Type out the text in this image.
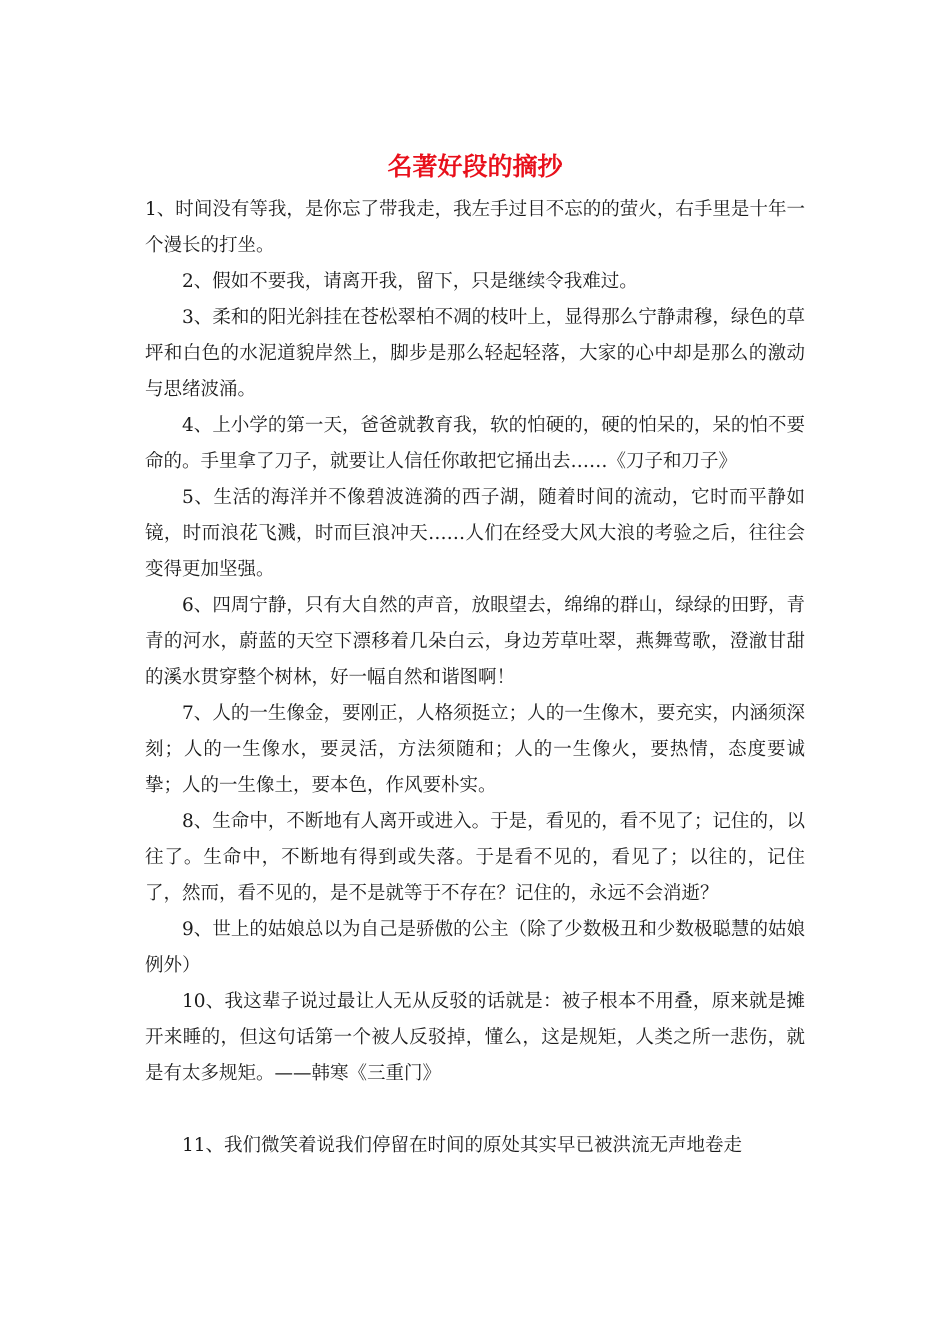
名著好段的摘抄

1、时间没有等我，是你忘了带我走，我左手过目不忘的的萤火，右手里是十年一个漫长的打坐。

2、假如不要我，请离开我，留下，只是继续令我难过。

3、柔和的阳光斜挂在苍松翠柏不凋的枝叶上，显得那么宁静肃穆，绿色的草坪和白色的水泥道貌岸然上，脚步是那么轻起轻落，大家的心中却是那么的激动与思绪波涌。

4、上小学的第一天，爸爸就教育我，软的怕硬的，硬的怕呆的，呆的怕不要命的。手里拿了刀子，就要让人信任你敢把它捅出去……《刀子和刀子》

5、生活的海洋并不像碧波涟漪的西子湖，随着时间的流动，它时而平静如镜，时而浪花飞溅，时而巨浪冲天……人们在经受大风大浪的考验之后，往往会变得更加坚强。

6、四周宁静，只有大自然的声音，放眼望去，绵绵的群山，绿绿的田野，青青的河水，蔚蓝的天空下漂移着几朵白云，身边芳草吐翠，燕舞莺歌，澄澈甘甜的溪水贯穿整个树林，好一幅自然和谐图啊！

7、人的一生像金，要刚正，人格须挺立；人的一生像木，要充实，内涵须深刻；人的一生像水，要灵活，方法须随和；人的一生像火，要热情，态度要诚挚；人的一生像土，要本色，作风要朴实。

8、生命中，不断地有人离开或进入。于是，看见的，看不见了；记住的，以往了。生命中，不断地有得到或失落。于是看不见的，看见了；以往的，记住了，然而，看不见的，是不是就等于不存在？记住的，永远不会消逝？

9、世上的姑娘总以为自己是骄傲的公主（除了少数极丑和少数极聪慧的姑娘例外）

10、我这辈子说过最让人无从反驳的话就是：被子根本不用叠，原来就是摊开来睡的，但这句话第一个被人反驳掉，懂么，这是规矩，人类之所一悲伤，就是有太多规矩。——韩寒《三重门》

11、我们微笑着说我们停留在时间的原处其实早已被洪流无声地卷走
